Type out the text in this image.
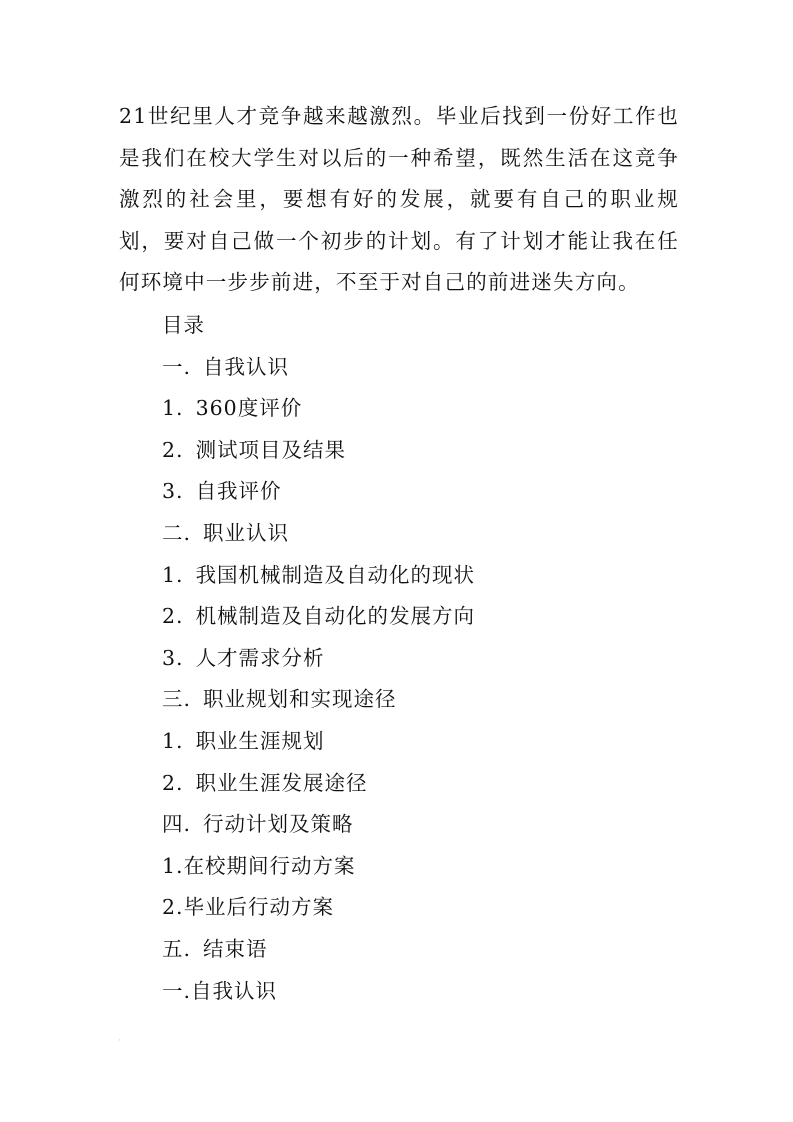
21世纪里人才竞争越来越激烈。毕业后找到一份好工作也是我们在校大学生对以后的一种希望，既然生活在这竞争激烈的社会里，要想有好的发展，就要有自己的职业规划，要对自己做一个初步的计划。有了计划才能让我在任何环境中一步步前进，不至于对自己的前进迷失方向。

目录
一. 自我认识
1. 360度评价
2. 测试项目及结果
3. 自我评价
二. 职业认识
1. 我国机械制造及自动化的现状
2. 机械制造及自动化的发展方向
3. 人才需求分析
三. 职业规划和实现途径
1. 职业生涯规划
2. 职业生涯发展途径
四. 行动计划及策略
1.在校期间行动方案
2.毕业后行动方案
五. 结束语
一.自我认识
·
